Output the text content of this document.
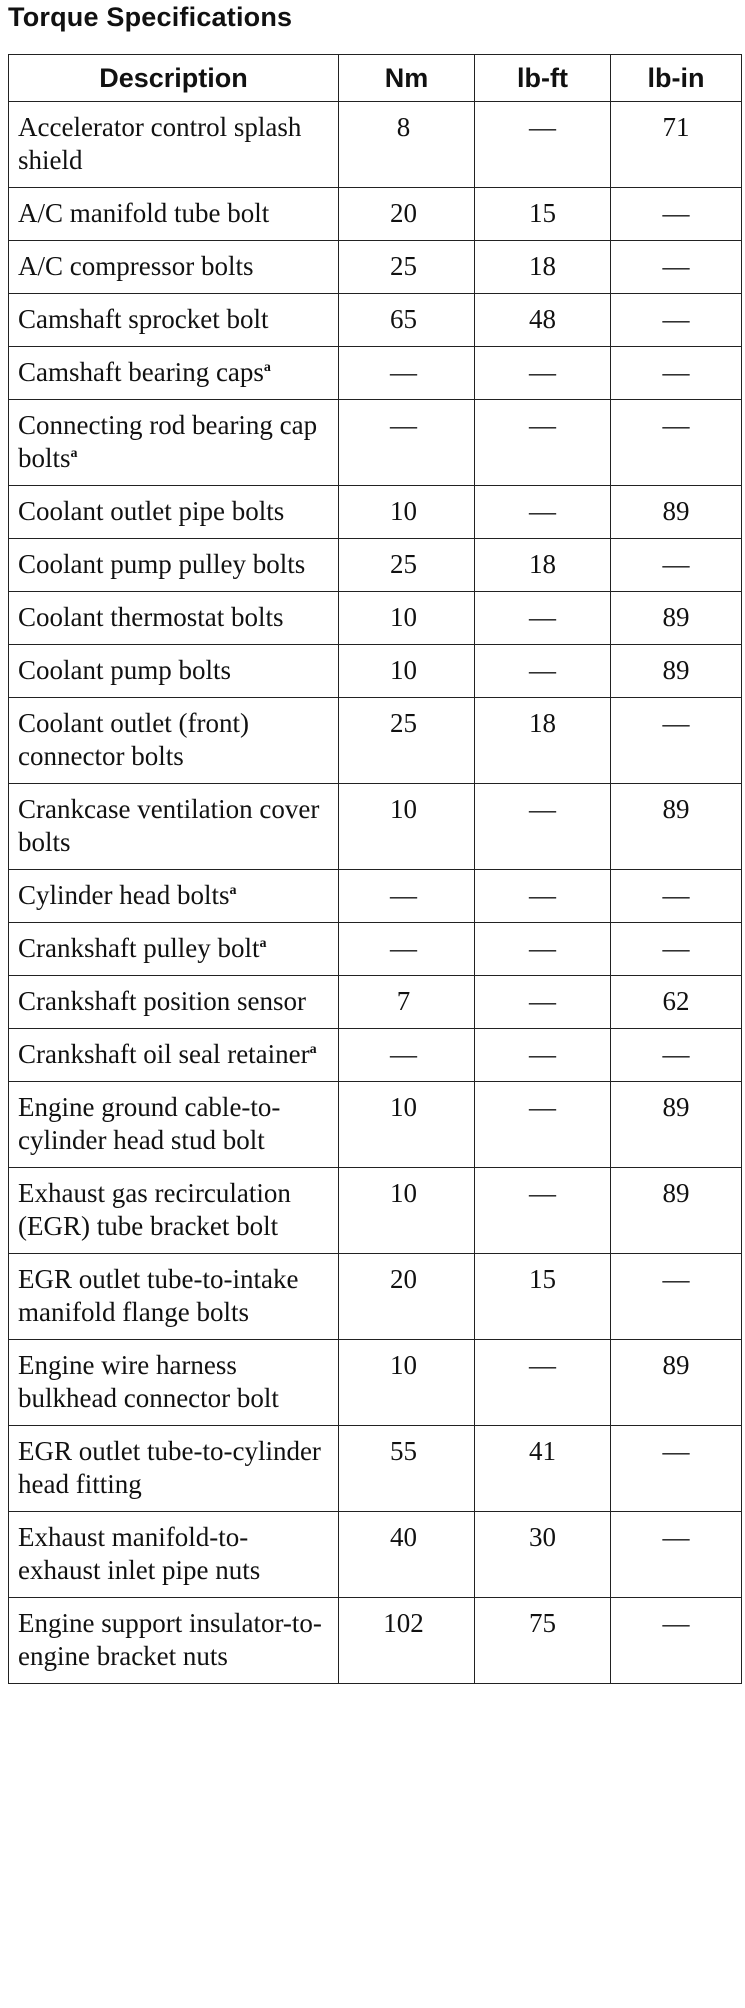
Torque Specifications
Description	Nm	lb-ft	lb-in
Accelerator control splash shield	8	—	71
A/C manifold tube bolt	20	15	—
A/C compressor bolts	25	18	—
Camshaft sprocket bolt	65	48	—
Camshaft bearing caps$^a$	—	—	—
Connecting rod bearing cap bolts$^a$	—	—	—
Coolant outlet pipe bolts	10	—	89
Coolant pump pulley bolts	25	18	—
Coolant thermostat bolts	10	—	89
Coolant pump bolts	10	—	89
Coolant outlet (front) connector bolts	25	18	—
Crankcase ventilation cover bolts	10	—	89
Cylinder head bolts$^a$	—	—	—
Crankshaft pulley bolt$^a$	—	—	—
Crankshaft position sensor	7	—	62
Crankshaft oil seal retainer$^a$	—	—	—
Engine ground cable-to-cylinder head stud bolt	10	—	89
Exhaust gas recirculation (EGR) tube bracket bolt	10	—	89
EGR outlet tube-to-intake manifold flange bolts	20	15	—
Engine wire harness bulkhead connector bolt	10	—	89
EGR outlet tube-to-cylinder head fitting	55	41	—
Exhaust manifold-to-exhaust inlet pipe nuts	40	30	—
Engine support insulator-to-engine bracket nuts	102	75	—
